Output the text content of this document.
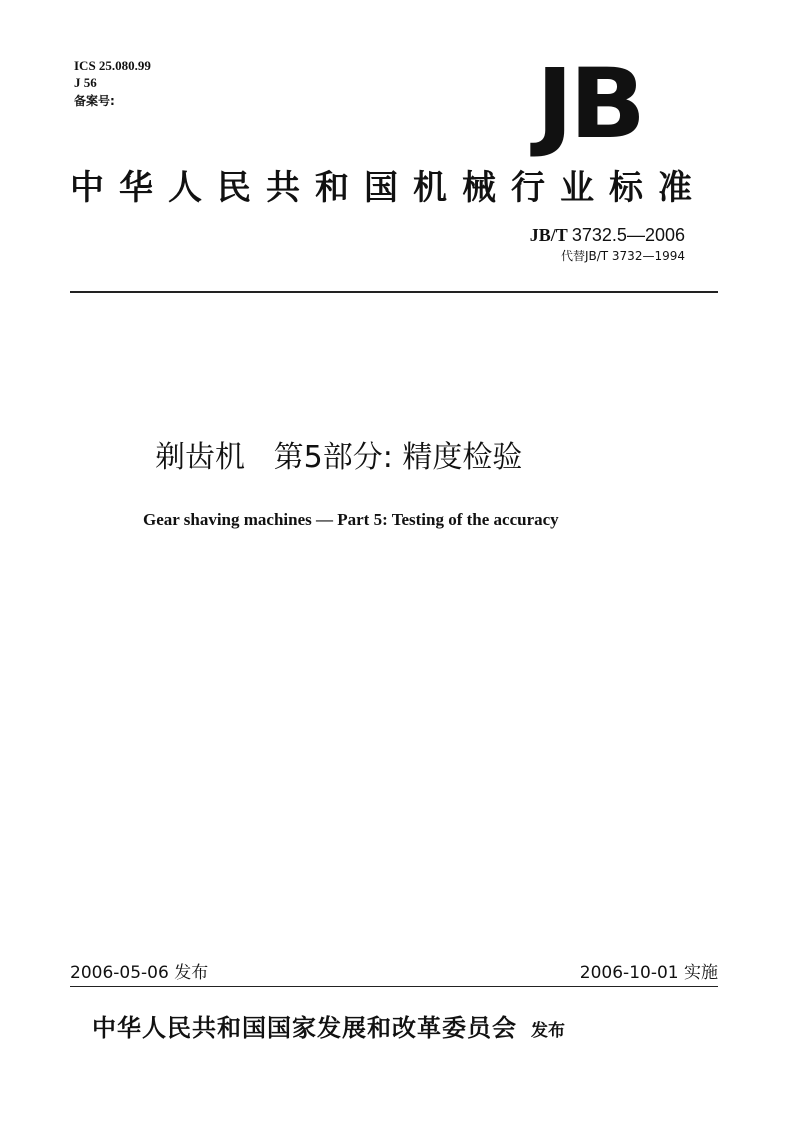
ICS 25.080.99
J 56
备案号:	JB
中华人民共和国机械行业标准
JB/T 3732.5—2006
代替JB/T 3732—1994
剃齿机   第5部分: 精度检验
Gear shaving machines — Part 5: Testing of the accuracy
2006-05-06 发布	2006-10-01 实施
中华人民共和国国家发展和改革委员会 发布
